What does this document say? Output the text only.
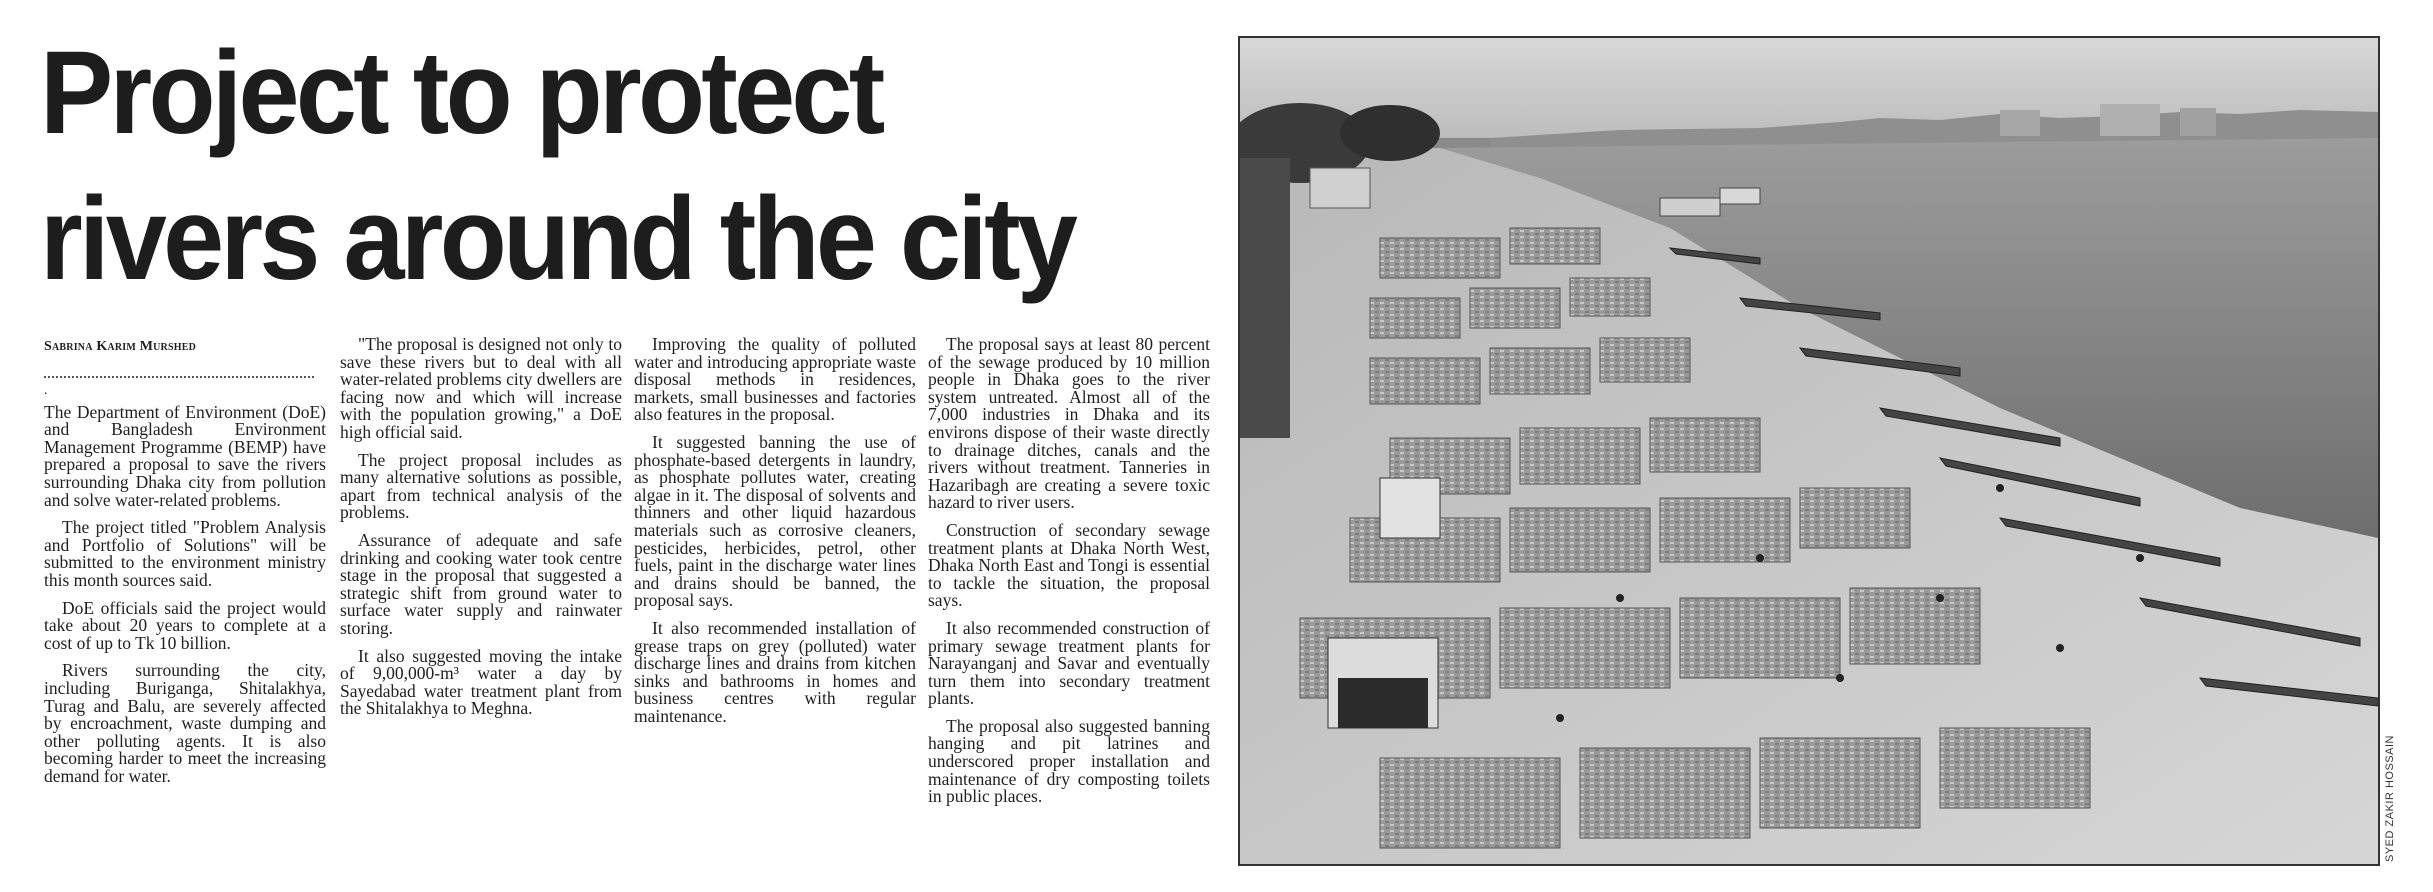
Project to protect rivers around the city
Sabrina Karim Murshed
.

The Department of Environment (DoE) and Bangladesh Environment Management Programme (BEMP) have prepared a proposal to save the rivers surrounding Dhaka city from pollution and solve water-related problems.

The project titled "Problem Analysis and Portfolio of Solutions" will be submitted to the environment ministry this month sources said.

DoE officials said the project would take about 20 years to complete at a cost of up to Tk 10 billion.

Rivers surrounding the city, including Buriganga, Shitalakhya, Turag and Balu, are severely affected by encroachment, waste dumping and other polluting agents. It is also becoming harder to meet the increasing demand for water.

"The proposal is designed not only to save these rivers but to deal with all water-related problems city dwellers are facing now and which will increase with the population growing," a DoE high official said.

The project proposal includes as many alternative solutions as possible, apart from technical analysis of the problems.

Assurance of adequate and safe drinking and cooking water took centre stage in the proposal that suggested a strategic shift from ground water to surface water supply and rainwater storing.

It also suggested moving the intake of 9,00,000-m³ water a day by Sayedabad water treatment plant from the Shitalakhya to Meghna.

Improving the quality of polluted water and introducing appropriate waste disposal methods in residences, markets, small businesses and factories also features in the proposal.

It suggested banning the use of phosphate-based detergents in laundry, as phosphate pollutes water, creating algae in it. The disposal of solvents and thinners and other liquid hazardous materials such as corrosive cleaners, pesticides, herbicides, petrol, other fuels, paint in the discharge water lines and drains should be banned, the proposal says.

It also recommended installation of grease traps on grey (polluted) water discharge lines and drains from kitchen sinks and bathrooms in homes and business centres with regular maintenance.

The proposal says at least 80 percent of the sewage produced by 10 million people in Dhaka goes to the river system untreated. Almost all of the 7,000 industries in Dhaka and its environs dispose of their waste directly to drainage ditches, canals and the rivers without treatment. Tanneries in Hazaribagh are creating a severe toxic hazard to river users.

Construction of secondary sewage treatment plants at Dhaka North West, Dhaka North East and Tongi is essential to tackle the situation, the proposal says.

It also recommended construction of primary sewage treatment plants for Narayanganj and Savar and eventually turn them into secondary treatment plants.

The proposal also suggested banning hanging and pit latrines and underscored proper installation and maintenance of dry composting toilets in public places.	SYED ZAKIR HOSSAIN
